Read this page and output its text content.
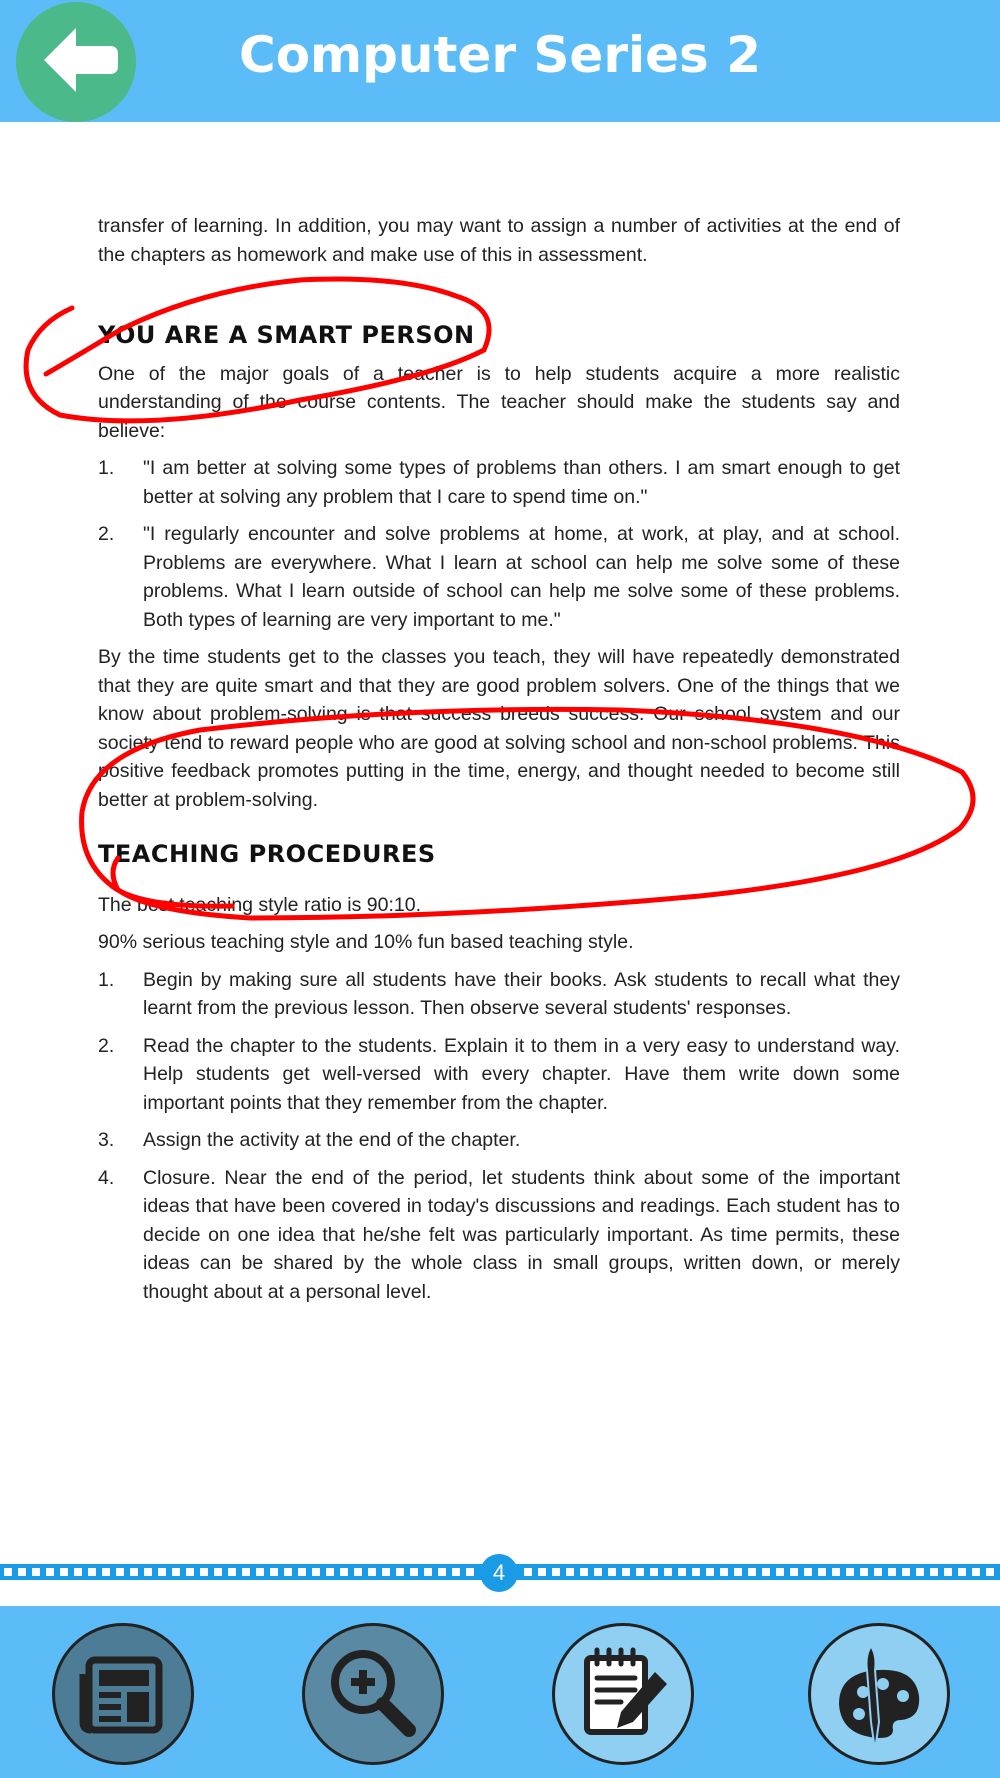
Computer Series 2

transfer of learning. In addition, you may want to assign a number of activities at the end of the chapters as homework and make use of this in assessment.

YOU ARE A SMART PERSON

One of the major goals of a teacher is to help students acquire a more realistic understanding of the course contents. The teacher should make the students say and believe:

1. "I am better at solving some types of problems than others. I am smart enough to get better at solving any problem that I care to spend time on."
2. "I regularly encounter and solve problems at home, at work, at play, and at school. Problems are everywhere. What I learn at school can help me solve some of these problems. What I learn outside of school can help me solve some of these problems. Both types of learning are very important to me."

By the time students get to the classes you teach, they will have repeatedly demonstrated that they are quite smart and that they are good problem solvers. One of the things that we know about problem-solving is that success breeds success. Our school system and our society tend to reward people who are good at solving school and non-school problems. This positive feedback promotes putting in the time, energy, and thought needed to become still better at problem-solving.

TEACHING PROCEDURES

The best teaching style ratio is 90:10.

90% serious teaching style and 10% fun based teaching style.

1. Begin by making sure all students have their books. Ask students to recall what they learnt from the previous lesson. Then observe several students' responses.
2. Read the chapter to the students. Explain it to them in a very easy to understand way. Help students get well-versed with every chapter. Have them write down some important points that they remember from the chapter.
3. Assign the activity at the end of the chapter.
4. Closure. Near the end of the period, let students think about some of the important ideas that have been covered in today's discussions and readings. Each student has to decide on one idea that he/she felt was particularly important. As time permits, these ideas can be shared by the whole class in small groups, written down, or merely thought about at a personal level.
4
